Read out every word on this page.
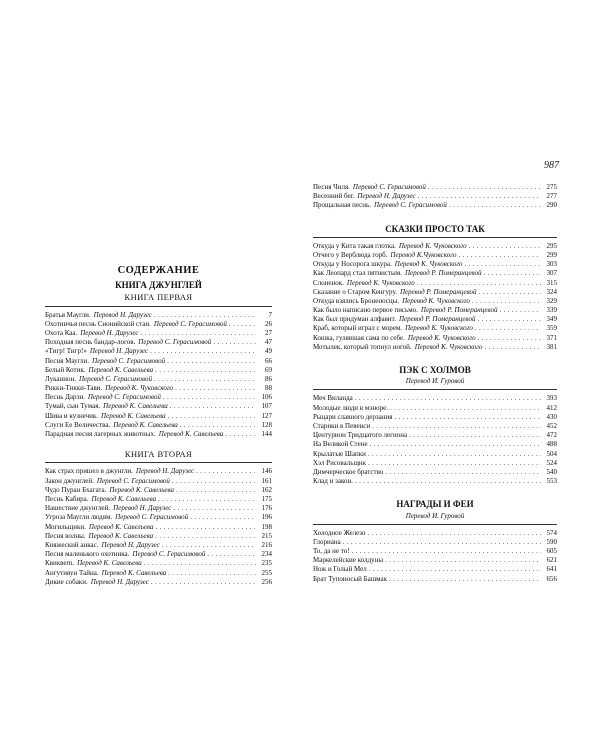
987
СОДЕРЖАНИЕ
КНИГА ДЖУНГЛЕЙ
КНИГА ПЕРВАЯ
Братья Маугли. Перевод Н. Дарузес . . .	7
Охотничья песнь Сионийской стаи. Перевод С. Герасимовой . . .	26
Охота Каа. Перевод Н. Дарузес . . .	27
Походная песнь бандар-логов. Перевод С. Герасимовой . . .	47
«Тигр! Тигр!» Перевод Н. Дарузес . . .	49
Песня Маугли. Перевод С. Герасимовой . . .	66
Белый Котик. Перевод К. Савельева . . .	69
Луканнон. Перевод С. Герасимовой . . .	86
Рикки-Тикки-Тави. Перевод К. Чуковского . . .	88
Песнь Дарзи. Перевод С. Герасимовой . . .	106
Тумай, сын Тумая. Перевод К. Савельева . . .	107
Шива и кузнечик. Перевод К. Савельева . . .	127
Слуги Ее Величества. Перевод К. Савельева . . .	128
Парадная песня лагерных животных. Перевод К. Савельева . . .	144
КНИГА ВТОРАЯ
Как страх пришел в джунгли. Перевод Н. Дарузес . . .	146
Закон джунглей. Перевод С. Герасимовой . . .	161
Чудо Пуран Бхагата. Перевод К. Савельева . . .	162
Песнь Кабира. Перевод К. Савельева . . .	175
Нашествие джунглей. Перевод Н. Дарузес . . .	176
Угроза Маугли людям. Перевод С. Герасимовой . . .	196
Могильщики. Перевод К. Савельева . . .	198
Песня волны. Перевод К. Савельева . . .	215
Княжеский анкас. Перевод Н. Дарузес . . .	216
Песня маленького охотника. Перевод С. Герасимовой . . .	234
Квиквern. Перевод К. Савельева . . .	235
Ангутивун Тайна. Перевод К. Савельева . . .	255
Дикие собаки. Перевод Н. Дарузес . . .	256
Песня Чиля. Перевод С. Герасимовой . . .	275
Весенний бег. Перевод Н. Дарузес . . .	277
Прощальная песнь. Перевод С. Герасимовой . . .	290
СКАЗКИ ПРОСТО ТАК
Откуда у Кита такая глотка. Перевод К. Чуковского . . .	295
Отчего у Верблюда горб. Перевод К.Чуковского . . .	299
Откуда у Носорога шкура. Перевод К. Чуковского . . .	303
Как Леопард стал пятнистым. Перевод Р. Померанцевой . . .	307
Слоненок. Перевод К. Чуковского . . .	315
Сказание о Старом Кенгуру. Перевод Р. Померанцевой . . .	324
Откуда взялись Броненосцы. Перевод К. Чуковского . . .	329
Как было написано первое письмо. Перевод Р. Померанцевой . . .	339
Как был придуман алфавит. Перевод Р. Померанцевой . . .	349
Краб, который играл с морем. Перевод К. Чуковского . . .	359
Кошка, гулявшая сама по себе. Перевод К. Чуковского . . .	371
Мотылек, который топнул ногой. Перевод К. Чуковского . . .	381
ПЭК С ХОЛМОВ
Перевод И. Гуровой
Меч Виланда . . .	393
Молодые люди в мэноре. . . .	412
Рыцари славного дерзания . . .	430
Старики в Певенси . . .	452
Центурион Тридцатого легиона . . .	472
На Великой Стене . . .	488
Крылатые Шапки . . .	504
Хэл Рисовальщик . . .	524
Димчерческое братство . . .	540
Клад и закон. . . .	553
НАГРАДЫ И ФЕИ
Перевод И. Гуровой
Холодное Железо . . .	574
Глориана . . .	590
То, да не то! . . .	605
Маркелейские колдуны . . .	621
Нож и Голый Мел . . .	641
Брат Тупоносый Башмак . . .	656
